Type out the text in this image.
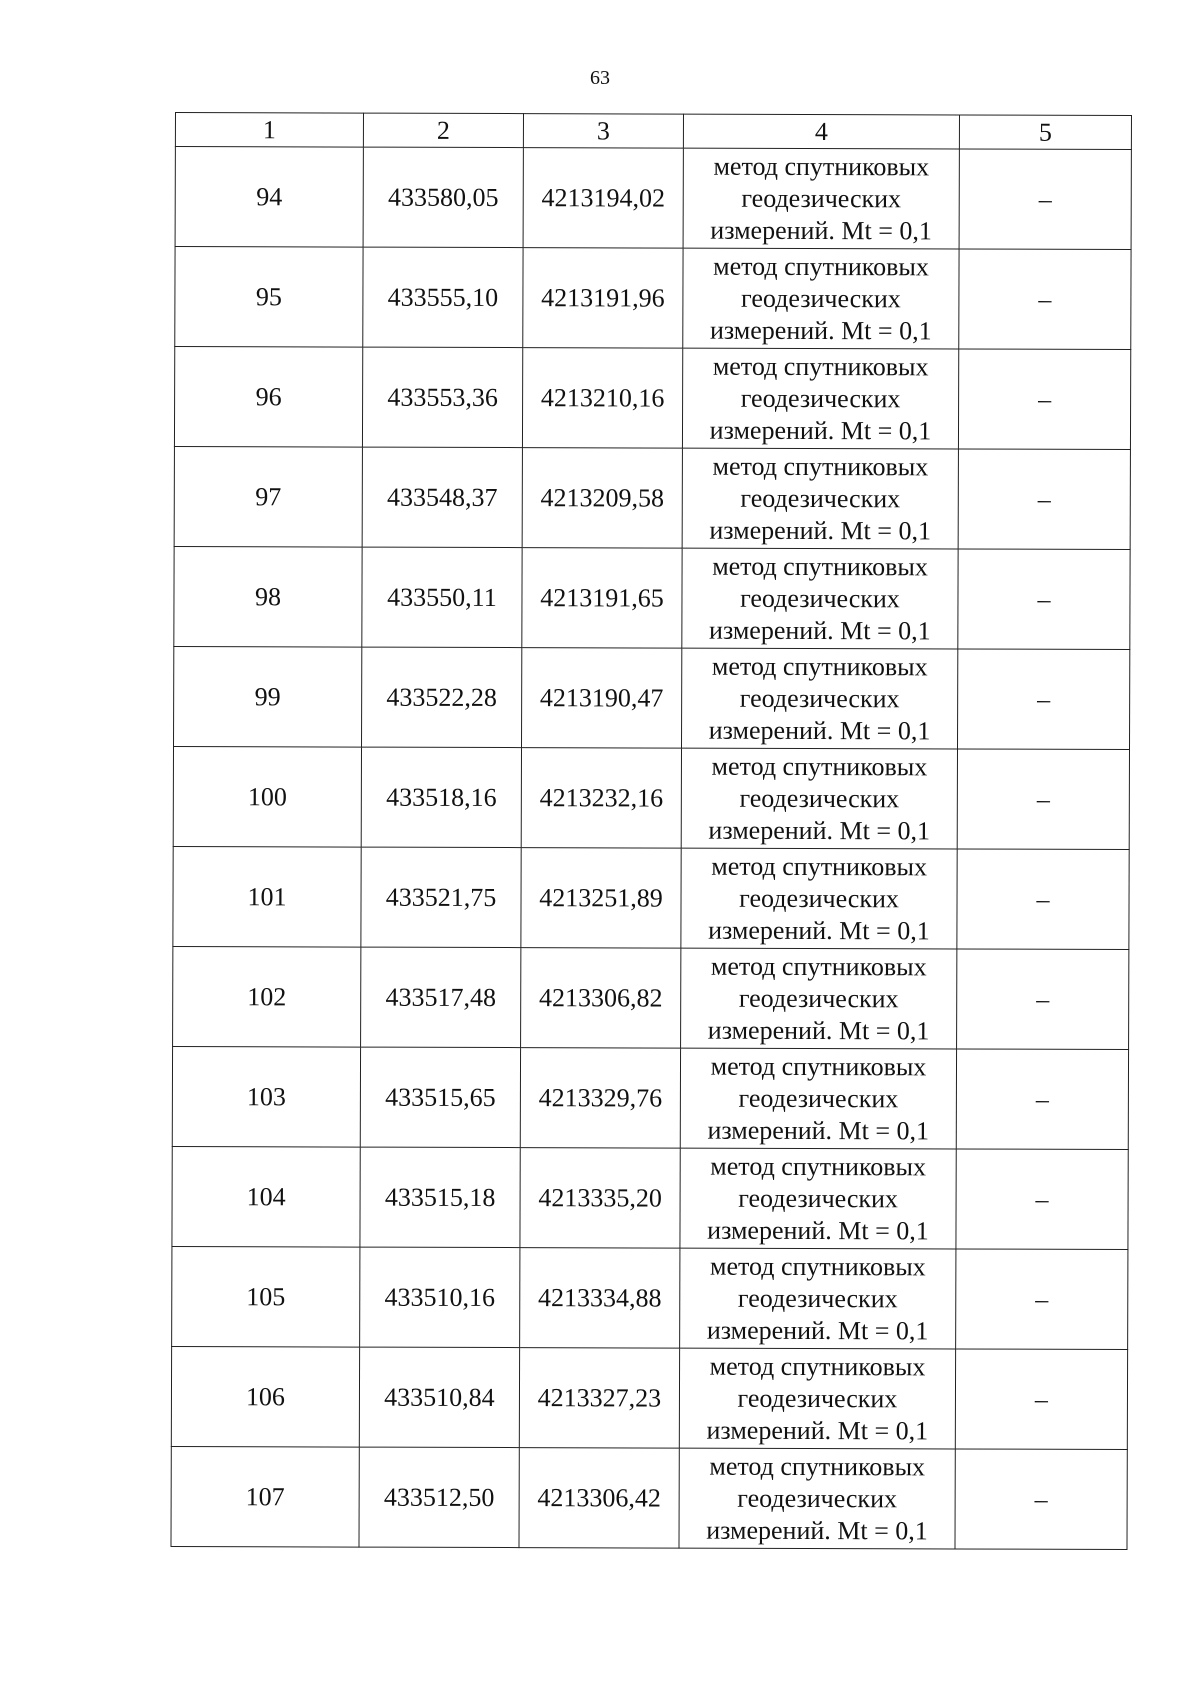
63
1	2	3	4	5
94	433580,05	4213194,02	метод спутниковых
геодезических
измерений. Mt = 0,1	–
95	433555,10	4213191,96	метод спутниковых
геодезических
измерений. Mt = 0,1	–
96	433553,36	4213210,16	метод спутниковых
геодезических
измерений. Mt = 0,1	–
97	433548,37	4213209,58	метод спутниковых
геодезических
измерений. Mt = 0,1	–
98	433550,11	4213191,65	метод спутниковых
геодезических
измерений. Mt = 0,1	–
99	433522,28	4213190,47	метод спутниковых
геодезических
измерений. Mt = 0,1	–
100	433518,16	4213232,16	метод спутниковых
геодезических
измерений. Mt = 0,1	–
101	433521,75	4213251,89	метод спутниковых
геодезических
измерений. Mt = 0,1	–
102	433517,48	4213306,82	метод спутниковых
геодезических
измерений. Mt = 0,1	–
103	433515,65	4213329,76	метод спутниковых
геодезических
измерений. Mt = 0,1	–
104	433515,18	4213335,20	метод спутниковых
геодезических
измерений. Mt = 0,1	–
105	433510,16	4213334,88	метод спутниковых
геодезических
измерений. Mt = 0,1	–
106	433510,84	4213327,23	метод спутниковых
геодезических
измерений. Mt = 0,1	–
107	433512,50	4213306,42	метод спутниковых
геодезических
измерений. Mt = 0,1	–
